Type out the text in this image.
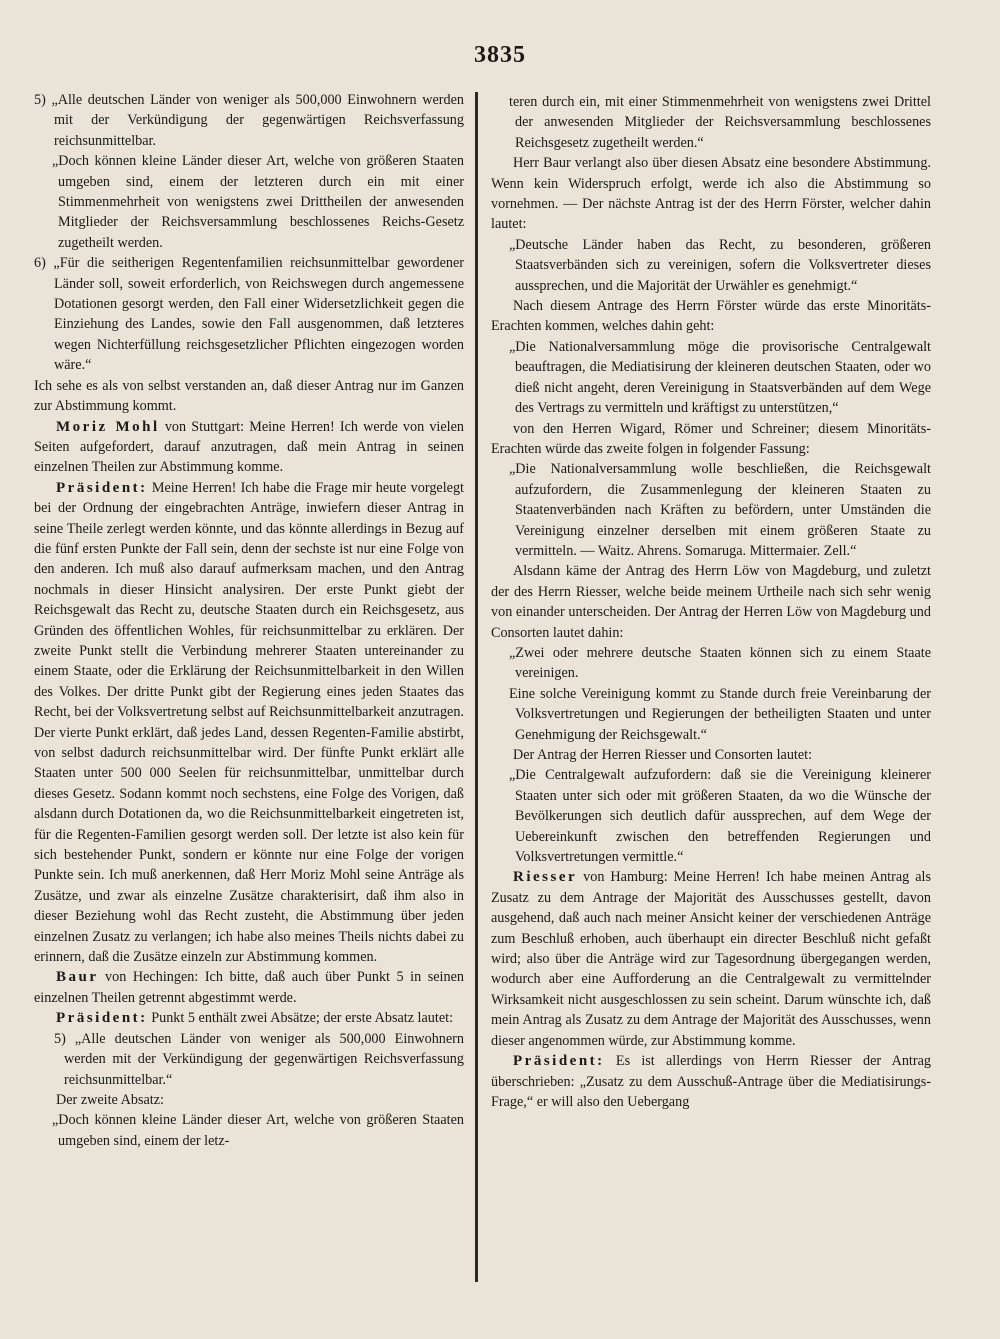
3835

5) „Alle deutschen Länder von weniger als 500,000 Einwohnern werden mit der Verkündigung der gegenwärtigen Reichsverfassung reichsunmittelbar.

„Doch können kleine Länder dieser Art, welche von größeren Staaten umgeben sind, einem der letzteren durch ein mit einer Stimmenmehrheit von wenigstens zwei Drittheilen der anwesenden Mitglieder der Reichsversammlung beschlossenes Reichs-Gesetz zugetheilt werden.

6) „Für die seitherigen Regentenfamilien reichsunmittelbar gewordener Länder soll, soweit erforderlich, von Reichswegen durch angemessene Dotationen gesorgt werden, den Fall einer Widersetzlichkeit gegen die Einziehung des Landes, sowie den Fall ausgenommen, daß letzteres wegen Nichterfüllung reichsgesetzlicher Pflichten eingezogen worden wäre.“

Ich sehe es als von selbst verstanden an, daß dieser Antrag nur im Ganzen zur Abstimmung kommt.

Moriz Mohl von Stuttgart: Meine Herren! Ich werde von vielen Seiten aufgefordert, darauf anzutragen, daß mein Antrag in seinen einzelnen Theilen zur Abstimmung komme.

Präsident: Meine Herren! Ich habe die Frage mir heute vorgelegt bei der Ordnung der eingebrachten Anträge, inwiefern dieser Antrag in seine Theile zerlegt werden könnte, und das könnte allerdings in Bezug auf die fünf ersten Punkte der Fall sein, denn der sechste ist nur eine Folge von den anderen. Ich muß also darauf aufmerksam machen, und den Antrag nochmals in dieser Hinsicht analysiren. Der erste Punkt giebt der Reichsgewalt das Recht zu, deutsche Staaten durch ein Reichsgesetz, aus Gründen des öffentlichen Wohles, für reichsunmittelbar zu erklären. Der zweite Punkt stellt die Verbindung mehrerer Staaten untereinander zu einem Staate, oder die Erklärung der Reichsunmittelbarkeit in den Willen des Volkes. Der dritte Punkt gibt der Regierung eines jeden Staates das Recht, bei der Volksvertretung selbst auf Reichsunmittelbarkeit anzutragen. Der vierte Punkt erklärt, daß jedes Land, dessen Regenten-Familie abstirbt, von selbst dadurch reichsunmittelbar wird. Der fünfte Punkt erklärt alle Staaten unter 500 000 Seelen für reichsunmittelbar, unmittelbar durch dieses Gesetz. Sodann kommt noch sechstens, eine Folge des Vorigen, daß alsdann durch Dotationen da, wo die Reichsunmittelbarkeit eingetreten ist, für die Regenten-Familien gesorgt werden soll. Der letzte ist also kein für sich bestehender Punkt, sondern er könnte nur eine Folge der vorigen Punkte sein. Ich muß anerkennen, daß Herr Moriz Mohl seine Anträge als Zusätze, und zwar als einzelne Zusätze charakterisirt, daß ihm also in dieser Beziehung wohl das Recht zusteht, die Abstimmung über jeden einzelnen Zusatz zu verlangen; ich habe also meines Theils nichts dabei zu erinnern, daß die Zusätze einzeln zur Abstimmung kommen.

Baur von Hechingen: Ich bitte, daß auch über Punkt 5 in seinen einzelnen Theilen getrennt abgestimmt werde.

Präsident: Punkt 5 enthält zwei Absätze; der erste Absatz lautet:

5) „Alle deutschen Länder von weniger als 500,000 Einwohnern werden mit der Verkündigung der gegenwärtigen Reichsverfassung reichsunmittelbar.“

Der zweite Absatz:

„Doch können kleine Länder dieser Art, welche von größeren Staaten umgeben sind, einem der letz-

teren durch ein, mit einer Stimmenmehrheit von wenigstens zwei Drittel der anwesenden Mitglieder der Reichsversammlung beschlossenes Reichsgesetz zugetheilt werden.“

Herr Baur verlangt also über diesen Absatz eine besondere Abstimmung. Wenn kein Widerspruch erfolgt, werde ich also die Abstimmung so vornehmen. — Der nächste Antrag ist der des Herrn Förster, welcher dahin lautet:

„Deutsche Länder haben das Recht, zu besonderen, größeren Staatsverbänden sich zu vereinigen, sofern die Volksvertreter dieses aussprechen, und die Majorität der Urwähler es genehmigt.“

Nach diesem Antrage des Herrn Förster würde das erste Minoritäts-Erachten kommen, welches dahin geht:

„Die Nationalversammlung möge die provisorische Centralgewalt beauftragen, die Mediatisirung der kleineren deutschen Staaten, oder wo dieß nicht angeht, deren Vereinigung in Staatsverbänden auf dem Wege des Vertrags zu vermitteln und kräftigst zu unterstützen,“

von den Herren Wigard, Römer und Schreiner; diesem Minoritäts-Erachten würde das zweite folgen in folgender Fassung:

„Die Nationalversammlung wolle beschließen, die Reichsgewalt aufzufordern, die Zusammenlegung der kleineren Staaten zu Staatenverbänden nach Kräften zu befördern, unter Umständen die Vereinigung einzelner derselben mit einem größeren Staate zu vermitteln. — Waitz. Ahrens. Somaruga. Mittermaier. Zell.“

Alsdann käme der Antrag des Herrn Löw von Magdeburg, und zuletzt der des Herrn Riesser, welche beide meinem Urtheile nach sich sehr wenig von einander unterscheiden. Der Antrag der Herren Löw von Magdeburg und Consorten lautet dahin:

„Zwei oder mehrere deutsche Staaten können sich zu einem Staate vereinigen.

Eine solche Vereinigung kommt zu Stande durch freie Vereinbarung der Volksvertretungen und Regierungen der betheiligten Staaten und unter Genehmigung der Reichsgewalt.“

Der Antrag der Herren Riesser und Consorten lautet:

„Die Centralgewalt aufzufordern: daß sie die Vereinigung kleinerer Staaten unter sich oder mit größeren Staaten, da wo die Wünsche der Bevölkerungen sich deutlich dafür aussprechen, auf dem Wege der Uebereinkunft zwischen den betreffenden Regierungen und Volksvertretungen vermittle.“

Riesser von Hamburg: Meine Herren! Ich habe meinen Antrag als Zusatz zu dem Antrage der Majorität des Ausschusses gestellt, davon ausgehend, daß auch nach meiner Ansicht keiner der verschiedenen Anträge zum Beschluß erhoben, auch überhaupt ein directer Beschluß nicht gefaßt wird; also über die Anträge wird zur Tagesordnung übergegangen werden, wodurch aber eine Aufforderung an die Centralgewalt zu vermittelnder Wirksamkeit nicht ausgeschlossen zu sein scheint. Darum wünschte ich, daß mein Antrag als Zusatz zu dem Antrage der Majorität des Ausschusses, wenn dieser angenommen würde, zur Abstimmung komme.

Präsident: Es ist allerdings von Herrn Riesser der Antrag überschrieben: „Zusatz zu dem Ausschuß-Antrage über die Mediatisirungs-Frage,“ er will also den Uebergang
